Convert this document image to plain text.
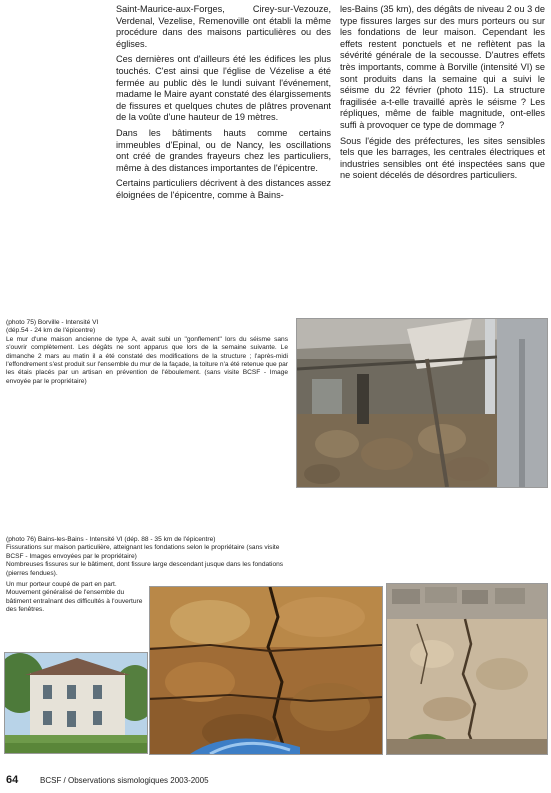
Saint-Maurice-aux-Forges, Cirey-sur-Vezouze, Verdenal, Vezelise, Remenoville ont établi la même procédure dans des maisons particulières ou des églises.

Ces dernières ont d'ailleurs été les édifices les plus touchés. C'est ainsi que l'église de Vézelise a été fermée au public dès le lundi suivant l'événement, madame le Maire ayant constaté des élargissements de fissures et quelques chutes de plâtres provenant de la voûte d'une hauteur de 19 mètres.

Dans les bâtiments hauts comme certains immeubles d'Epinal, ou de Nancy, les oscillations ont créé de grandes frayeurs chez les particuliers, même à des distances importantes de l'épicentre.

Certains particuliers décrivent à des distances assez éloignées de l'épicentre, comme à Bains-

les-Bains (35 km), des dégâts de niveau 2 ou 3 de type fissures larges sur des murs porteurs ou sur les fondations de leur maison. Cependant les effets restent ponctuels et ne reflètent pas la sévérité générale de la secousse. D'autres effets très importants, comme à Borville (intensité VI) se sont produits dans la semaine qui a suivi le séisme du 22 février (photo 115). La structure fragilisée a-t-elle travaillé après le séisme ? Les répliques, même de faible magnitude, ont-elles suffi à provoquer ce type de dommage ?

Sous l'égide des préfectures, les sites sensibles tels que les barrages, les centrales électriques et industries sensibles ont été inspectées sans que ne soient décelés de désordres particuliers.

(photo 75) Borville - Intensité VI

(dép.54 - 24 km de l'épicentre)

Le mur d'une maison ancienne de type A, avait subi un "gonflement" lors du séisme sans s'ouvrir complètement. Les dégâts ne sont apparus que lors de la semaine suivante. Le dimanche 2 mars au matin il a été constaté des modifications de la structure ; l'après-midi l'effondrement s'est produit sur l'ensemble du mur de la façade, la toiture n'a été retenue que par les étais placés par un artisan en prévention de l'éboulement. (sans visite BCSF - Image envoyée par le propriétaire)

(photo 76) Bains-les-Bains - Intensité VI (dép. 88 - 35 km de l'épicentre)

Fissurations sur maison particulière, atteignant les fondations selon le propriétaire (sans visite BCSF - Images envoyées par le propriétaire)

Nombreuses fissures sur le bâtiment, dont fissure large descendant jusque dans les fondations (pierres fendues).

Un mur porteur coupé de part en part. Mouvement généralisé de l'ensemble du bâtiment entraînant des difficultés à l'ouverture des fenêtres.

64	BCSF / Observations sismologiques 2003-2005
